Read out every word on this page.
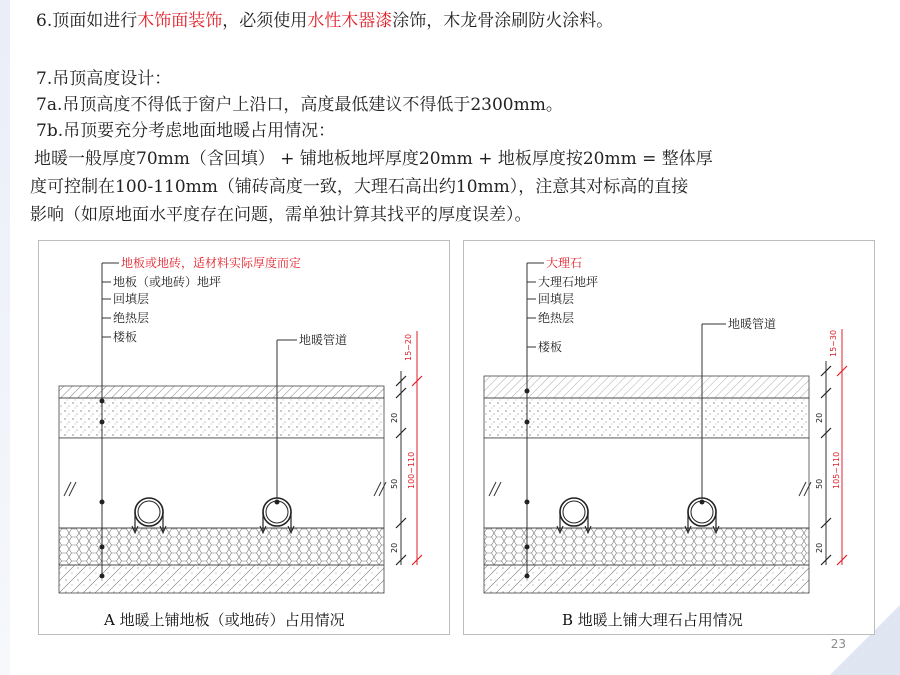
6.顶面如进行木饰面装饰，必须使用水性木器漆涂饰，木龙骨涂刷防火涂料。

7.吊顶高度设计：

7a.吊顶高度不得低于窗户上沿口，高度最低建议不得低于2300mm。

7b.吊顶要充分考虑地面地暖占用情况：

地暖一般厚度70mm（含回填） + 铺地板地坪厚度20mm + 地板厚度按20mm = 整体厚

度可控制在100-110mm（铺砖高度一致，大理石高出约10mm），注意其对标高的直接

影响（如原地面水平度存在问题，需单独计算其找平的厚度误差）。

地板或地砖，适材料实际厚度而定
地板（或地砖）地坪
回填层
绝热层
楼板	地暖管道	15~20
20
50
20
100~110
A 地暖上铺地板（或地砖）占用情况
大理石
大理石地坪
回填层
绝热层
楼板
地暖管道
15~30
20
50
20
105~110
B 地暖上铺大理石占用情况
23
